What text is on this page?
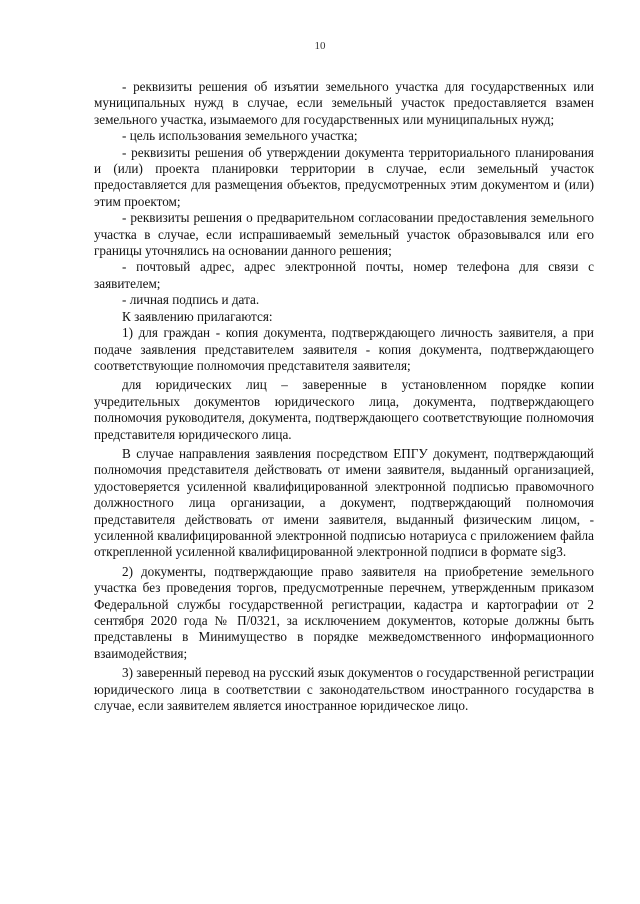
10

- реквизиты решения об изъятии земельного участка для государственных или муниципальных нужд в случае, если земельный участок предоставляется взамен земельного участка, изымаемого для государственных или муниципальных нужд;

- цель использования земельного участка;

- реквизиты решения об утверждении документа территориального планирования и (или) проекта планировки территории в случае, если земельный участок предоставляется для размещения объектов, предусмотренных этим документом и (или) этим проектом;

- реквизиты решения о предварительном согласовании предоставления земельного участка в случае, если испрашиваемый земельный участок образовывался или его границы уточнялись на основании данного решения;

- почтовый адрес, адрес электронной почты, номер телефона для связи с заявителем;

- личная подпись и дата.

К заявлению прилагаются:

1) для граждан - копия документа, подтверждающего личность заявителя, а при подаче заявления представителем заявителя - копия документа, подтверждающего соответствующие полномочия представителя заявителя;

для юридических лиц – заверенные в установленном порядке копии учредительных документов юридического лица, документа, подтверждающего полномочия руководителя, документа, подтверждающего соответствующие полномочия представителя юридического лица.

В случае направления заявления посредством ЕПГУ документ, подтверждающий полномочия представителя действовать от имени заявителя, выданный организацией, удостоверяется усиленной квалифицированной электронной подписью правомочного должностного лица организации, а документ, подтверждающий полномочия представителя действовать от имени заявителя, выданный физическим лицом, - усиленной квалифицированной электронной подписью нотариуса с приложением файла открепленной усиленной квалифицированной электронной подписи в формате sig3.

2) документы, подтверждающие право заявителя на приобретение земельного участка без проведения торгов, предусмотренные перечнем, утвержденным приказом Федеральной службы государственной регистрации, кадастра и картографии от 2 сентября 2020 года № П/0321, за исключением документов, которые должны быть представлены в Минимущество в порядке межведомственного информационного взаимодействия;

3) заверенный перевод на русский язык документов о государственной регистрации юридического лица в соответствии с законодательством иностранного государства в случае, если заявителем является иностранное юридическое лицо.
